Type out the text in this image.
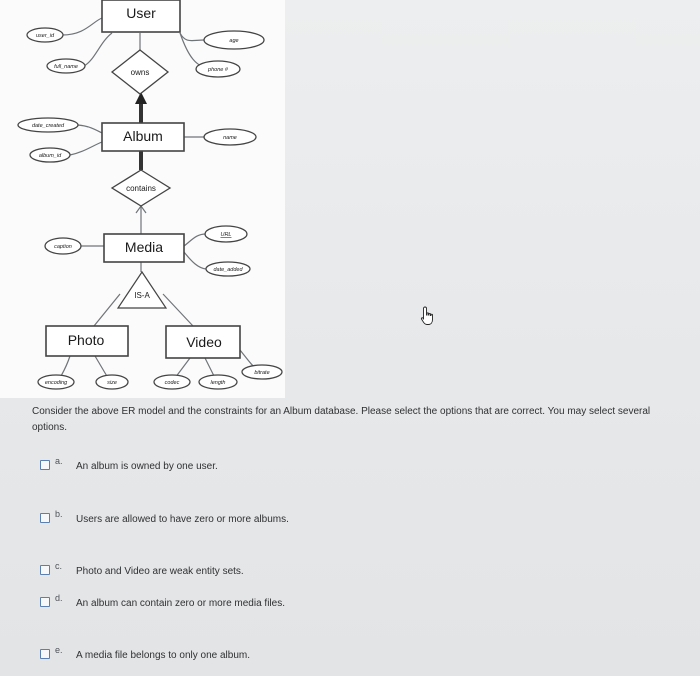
User
Album
Media
Photo	Video
owns
contains
IS-A
user_id
full_name
age
phone #
date_created
album_id
name
caption
URL
date_added
encoding	size	codec	length
bitrate
Consider the above ER model and the constraints for an Album database. Please select the options that are correct. You may select several options.
a. An album is owned by one user.
b. Users are allowed to have zero or more albums.
c. Photo and Video are weak entity sets.
d. An album can contain zero or more media files.
e. A media file belongs to only one album.
